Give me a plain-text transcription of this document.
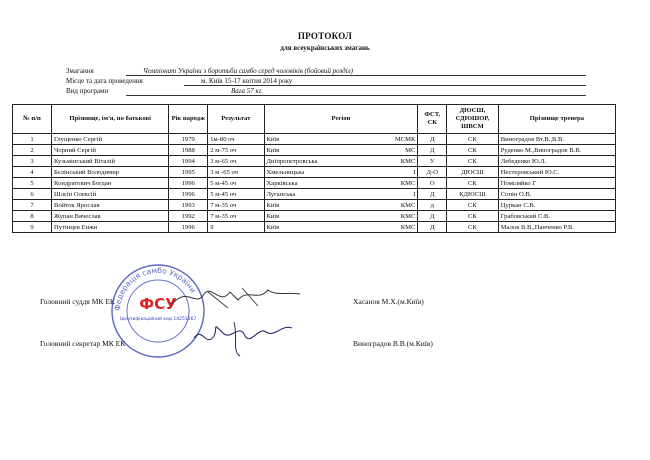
ПРОТОКОЛ
для всеукраїнських змагань
Змагання	Чемпіонат України з боротьби самбо серед чоловіків (бойовий розділ)
Місце та дата проведення	м. Київ 15-17 квітня 2014 року
Вид програми	Вага 57 кг.
№ п/п	Прізвище, ім'я, по батькові	Рік народж	Результат	Регіон		ФСТ, СК	ДЮСШ, СДЮШОР, ШВСМ	Прізвище тренера
1	Глущенко Сергій	1979	1м-80 оч	Київ	МСМК	Д	СК	Виноградов Вт.В.,В.В.
2	Чорний Сергій	1988	2 м-75 оч	Київ	МС	Д	СК	Руденко М.,Виноградов В.В.
3	Кузьмінський Віталій	1994	3 м-65 оч	Дніпропетровська	КМС	У	СК	Лебеденко Ю.Л.
4	Бєлінський Володимир	1995	3 м -65 оч	Хмельницька	I	Д-О	ДЮСШ	Нестеровський Ю.С.
5	Кондратович Богдан	1996	5 м-45 оч	Харківська	КМС	О	СК	Поміляйко Г
6	Шлєін Олексій	1996	5 м-45 оч	Луганська	I	Д	КДЮСШ	Сопін О.В.
7	Войток Ярослав	1993	7 м-35 оч	Київ	КМС	д	СК	Цуркан С.В.
8	Жупан Вячеслав	1992	7 м-35 оч	Київ	КМС	Д	СК	Грабовський С.В.
9	Путінцев Енжи	1996	9	Київ	КМС	Д	СК	Малов В.В.,Панченко Р.В.
Головний суддя МК ЕК	Хасанов М.Х.(м.Київ)
Головний секретар МК ЕК	Виноградов В.В.(м.Київ)
Федерація самбо України
ФСУ
Ідентифікаційний код 14251567
